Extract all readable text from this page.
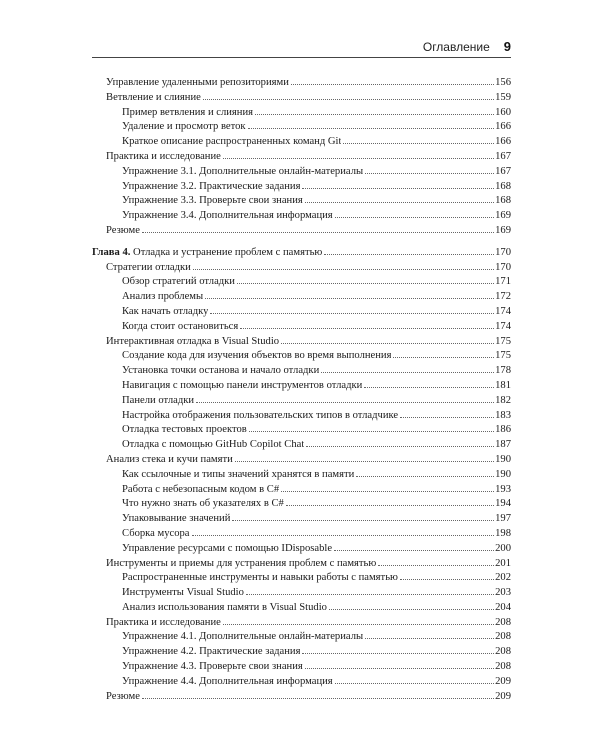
Оглавление 9
Управление удаленными репозиториями	156
Ветвление и слияние	159
Пример ветвления и слияния	160
Удаление и просмотр веток	166
Краткое описание распространенных команд Git	166
Практика и исследование	167
Упражнение 3.1. Дополнительные онлайн-материалы	167
Упражнение 3.2. Практические задания	168
Упражнение 3.3. Проверьте свои знания	168
Упражнение 3.4. Дополнительная информация	169
Резюме	169
Глава 4. Отладка и устранение проблем с памятью	170
Стратегии отладки	170
Обзор стратегий отладки	171
Анализ проблемы	172
Как начать отладку	174
Когда стоит остановиться	174
Интерактивная отладка в Visual Studio	175
Создание кода для изучения объектов во время выполнения	175
Установка точки останова и начало отладки	178
Навигация с помощью панели инструментов отладки	181
Панели отладки	182
Настройка отображения пользовательских типов в отладчике	183
Отладка тестовых проектов	186
Отладка с помощью GitHub Copilot Chat	187
Анализ стека и кучи памяти	190
Как ссылочные и типы значений хранятся в памяти	190
Работа с небезопасным кодом в C#	193
Что нужно знать об указателях в C#	194
Упаковывание значений	197
Сборка мусора	198
Управление ресурсами с помощью IDisposable	200
Инструменты и приемы для устранения проблем с памятью	201
Распространенные инструменты и навыки работы с памятью	202
Инструменты Visual Studio	203
Анализ использования памяти в Visual Studio	204
Практика и исследование	208
Упражнение 4.1. Дополнительные онлайн-материалы	208
Упражнение 4.2. Практические задания	208
Упражнение 4.3. Проверьте свои знания	208
Упражнение 4.4. Дополнительная информация	209
Резюме	209
